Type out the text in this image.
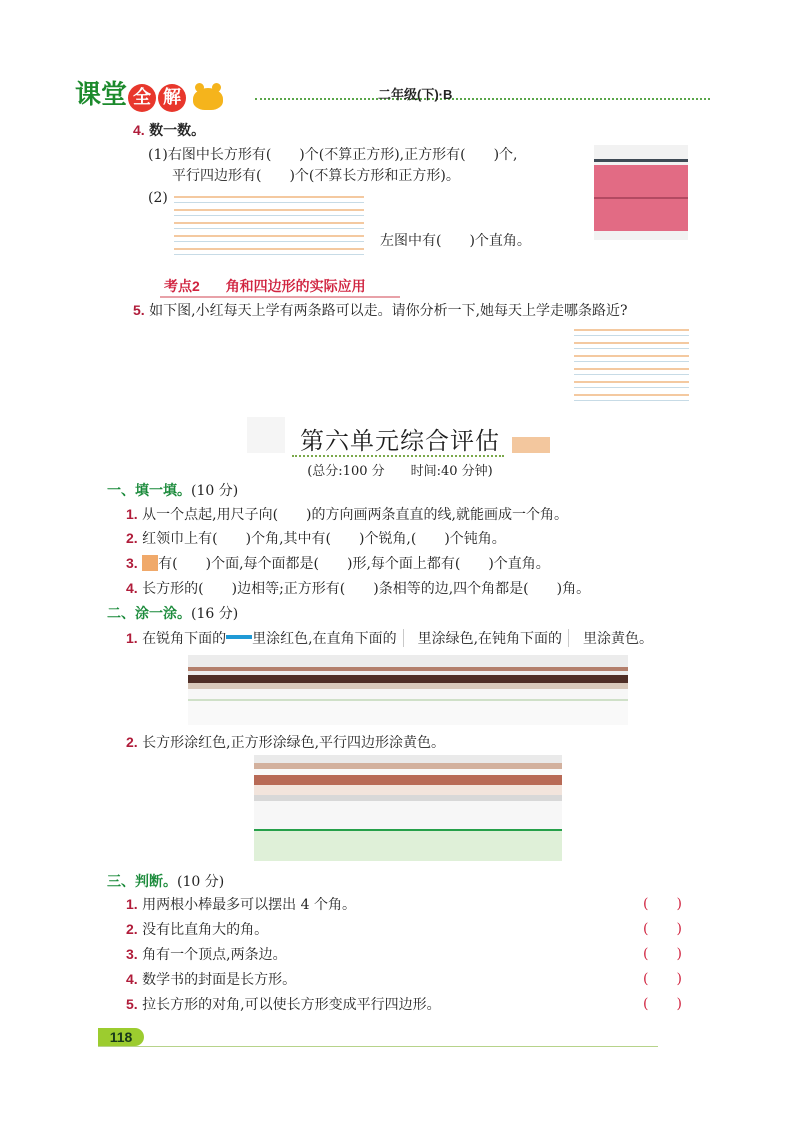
课堂 全 解	二年级(下)·B
4. 数一数。
(1)右图中长方形有(　　)个(不算正方形),正方形有(　　)个,
平行四边形有(　　)个(不算长方形和正方形)。
(2)
左图中有(　　)个直角。
考点2 角和四边形的实际应用
5. 如下图,小红每天上学有两条路可以走。请你分析一下,她每天上学走哪条路近?
第六单元综合评估
(总分:100 分　　时间:40 分钟)
一、填一填。(10 分)
1. 从一个点起,用尺子向(　　)的方向画两条直直的线,就能画成一个角。
2. 红领巾上有(　　)个角,其中有(　　)个锐角,(　　)个钝角。
3. 有(　　)个面,每个面都是(　　)形,每个面上都有(　　)个直角。
4. 长方形的(　　)边相等;正方形有(　　)条相等的边,四个角都是(　　)角。
二、涂一涂。(16 分)
1. 在锐角下面的 里涂红色,在直角下面的 里涂绿色,在钝角下面的 里涂黄色。
2. 长方形涂红色,正方形涂绿色,平行四边形涂黄色。
三、判断。(10 分)
1. 用两根小棒最多可以摆出 4 个角。	(　　)
2. 没有比直角大的角。	(　　)
3. 角有一个顶点,两条边。	(　　)
4. 数学书的封面是长方形。	(　　)
5. 拉长方形的对角,可以使长方形变成平行四边形。	(　　)
118
